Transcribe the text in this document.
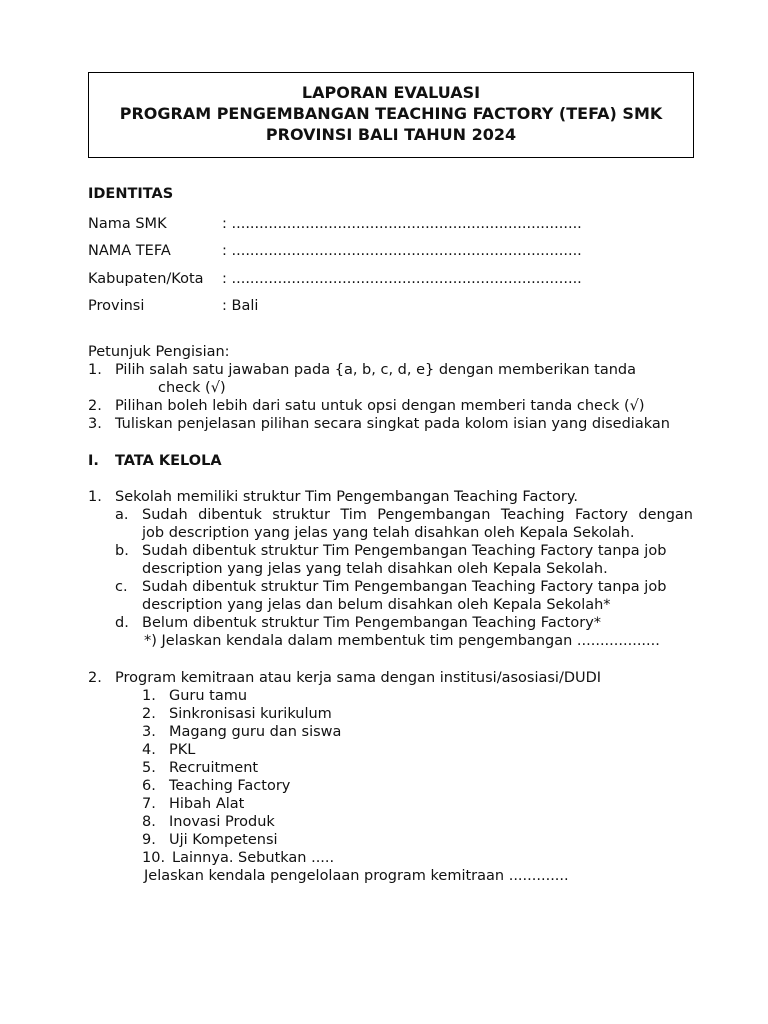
LAPORAN EVALUASI
PROGRAM PENGEMBANGAN TEACHING FACTORY (TEFA) SMK
PROVINSI BALI TAHUN 2024
IDENTITAS
Nama SMK	: ............................................................................
NAMA TEFA	: ............................................................................
Kabupaten/Kota : ............................................................................
Provinsi	: Bali
Petunjuk Pengisian:
1. Pilih salah satu jawaban pada {a, b, c, d, e} dengan memberikan tanda
check (√)
2. Pilihan boleh lebih dari satu untuk opsi dengan memberi tanda check (√)
3. Tuliskan penjelasan pilihan secara singkat pada kolom isian yang disediakan
I. TATA KELOLA
1. Sekolah memiliki struktur Tim Pengembangan Teaching Factory.
a. Sudah dibentuk struktur Tim Pengembangan Teaching Factory dengan
job description yang jelas yang telah disahkan oleh Kepala Sekolah.
b. Sudah dibentuk struktur Tim Pengembangan Teaching Factory tanpa job
description yang jelas yang telah disahkan oleh Kepala Sekolah.
c. Sudah dibentuk struktur Tim Pengembangan Teaching Factory tanpa job
description yang jelas dan belum disahkan oleh Kepala Sekolah*
d. Belum dibentuk struktur Tim Pengembangan Teaching Factory*
*) Jelaskan kendala dalam membentuk tim pengembangan ..................
2. Program kemitraan atau kerja sama dengan institusi/asosiasi/DUDI
1. Guru tamu
2. Sinkronisasi kurikulum
3. Magang guru dan siswa
4. PKL
5. Recruitment
6. Teaching Factory
7. Hibah Alat
8. Inovasi Produk
9. Uji Kompetensi
10. Lainnya. Sebutkan .....
Jelaskan kendala pengelolaan program kemitraan .............
